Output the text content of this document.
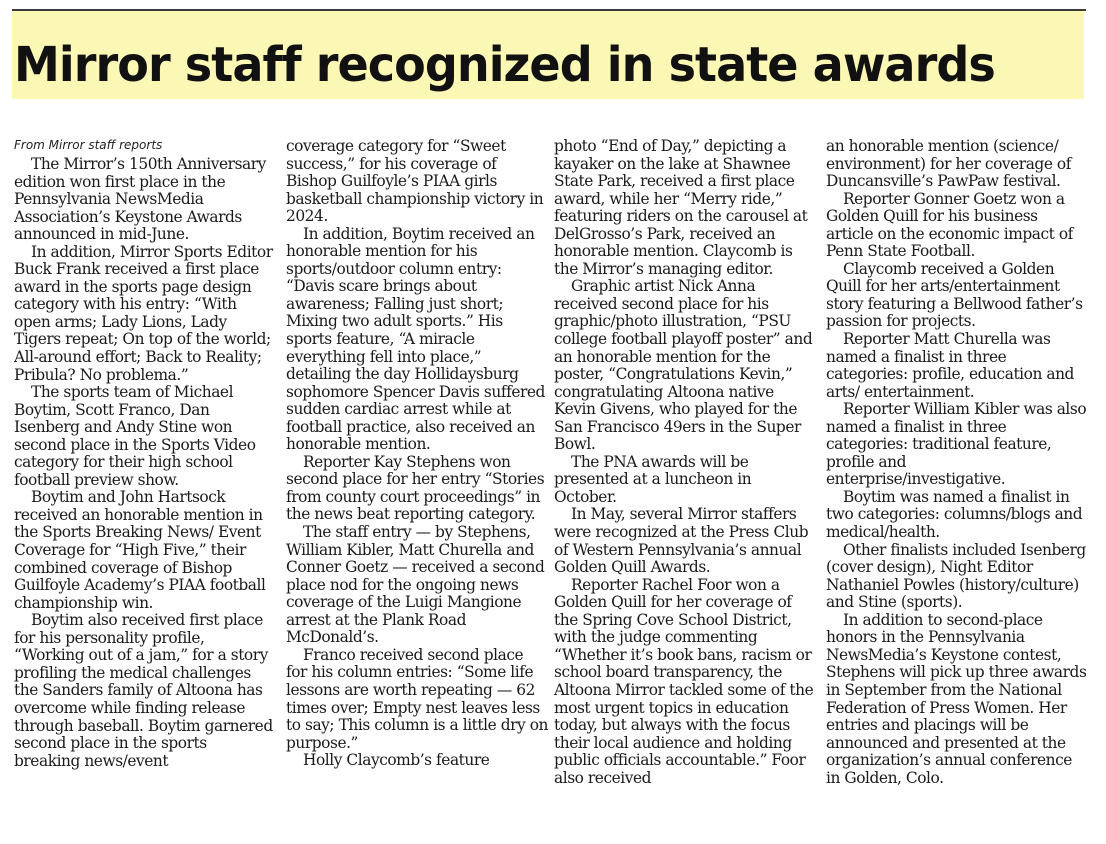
Mirror staff recognized in state awards
From Mirror staff reports

The Mirror’s 150th Anniversary edition won first place in the Pennsylvania NewsMedia Association’s Keystone Awards announced in mid-June.

In addition, Mirror Sports Editor Buck Frank received a first place award in the sports page design category with his entry: “With open arms; Lady Lions, Lady Tigers repeat; On top of the world; All-around effort; Back to Reality; Pribula? No problema.”

The sports team of Michael Boytim, Scott Franco, Dan Isenberg and Andy Stine won second place in the Sports Video category for their high school football preview show.

Boytim and John Hartsock received an honorable mention in the Sports Breaking News/ Event Coverage for “High Five,” their combined coverage of Bishop Guilfoyle Academy’s PIAA football championship win.

Boytim also received first place for his personality profile, “Working out of a jam,” for a story profiling the medical challenges the Sanders family of Altoona has overcome while finding release through baseball. Boytim garnered second place in the sports breaking news/event

coverage category for “Sweet success,” for his coverage of Bishop Guilfoyle’s PIAA girls basketball championship victory in 2024.

In addition, Boytim received an honorable mention for his sports/outdoor column entry: “Davis scare brings about awareness; Falling just short; Mixing two adult sports.” His sports feature, “A miracle everything fell into place,” detailing the day Hollidaysburg sophomore Spencer Davis suffered sudden cardiac arrest while at football practice, also received an honorable mention.

Reporter Kay Stephens won second place for her entry “Stories from county court proceedings” in the news beat reporting category.

The staff entry — by Stephens, William Kibler, Matt Churella and Conner Goetz — received a second place nod for the ongoing news coverage of the Luigi Mangione arrest at the Plank Road McDonald’s.

Franco received second place for his column entries: “Some life lessons are worth repeating — 62 times over; Empty nest leaves less to say; This column is a little dry on purpose.”

Holly Claycomb’s feature

photo “End of Day,” depicting a kayaker on the lake at Shawnee State Park, received a first place award, while her “Merry ride,” featuring riders on the carousel at DelGrosso’s Park, received an honorable mention. Claycomb is the Mirror’s managing editor.

Graphic artist Nick Anna received second place for his graphic/photo illustration, “PSU college football playoff poster” and an honorable mention for the poster, “Congratulations Kevin,” congratulating Altoona native Kevin Givens, who played for the San Francisco 49ers in the Super Bowl.

The PNA awards will be presented at a luncheon in October.

In May, several Mirror staffers were recognized at the Press Club of Western Pennsylvania’s annual Golden Quill Awards.

Reporter Rachel Foor won a Golden Quill for her coverage of the Spring Cove School District, with the judge commenting “Whether it’s book bans, racism or school board transparency, the Altoona Mirror tackled some of the most urgent topics in education today, but always with the focus their local audience and holding public officials accountable.” Foor also received

an honorable mention (science/ environment) for her coverage of Duncansville’s PawPaw festival.

Reporter Gonner Goetz won a Golden Quill for his business article on the economic impact of Penn State Football.

Claycomb received a Golden Quill for her arts/entertainment story featuring a Bellwood father’s passion for projects.

Reporter Matt Churella was named a finalist in three categories: profile, education and arts/ entertainment.

Reporter William Kibler was also named a finalist in three categories: traditional feature, profile and enterprise/investigative.

Boytim was named a finalist in two categories: columns/blogs and medical/health.

Other finalists included Isenberg (cover design), Night Editor Nathaniel Powles (history/culture) and Stine (sports).

In addition to second-place honors in the Pennsylvania NewsMedia’s Keystone contest, Stephens will pick up three awards in September from the National Federation of Press Women. Her entries and placings will be announced and presented at the organization’s annual conference in Golden, Colo.
